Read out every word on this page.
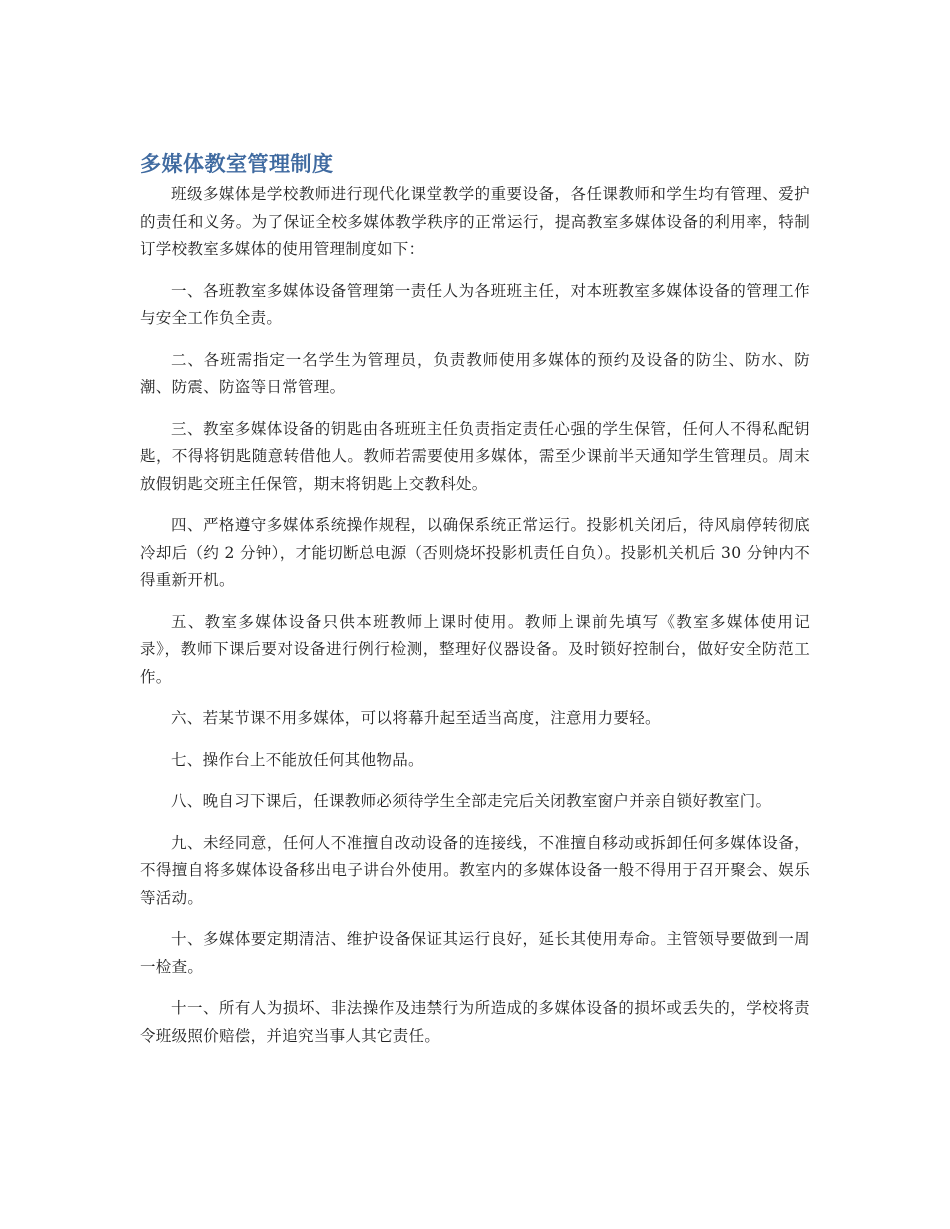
多媒体教室管理制度

班级多媒体是学校教师进行现代化课堂教学的重要设备，各任课教师和学生均有管理、爱护的责任和义务。为了保证全校多媒体教学秩序的正常运行，提高教室多媒体设备的利用率，特制订学校教室多媒体的使用管理制度如下：

一、各班教室多媒体设备管理第一责任人为各班班主任，对本班教室多媒体设备的管理工作与安全工作负全责。

二、各班需指定一名学生为管理员，负责教师使用多媒体的预约及设备的防尘、防水、防潮、防震、防盗等日常管理。

三、教室多媒体设备的钥匙由各班班主任负责指定责任心强的学生保管，任何人不得私配钥匙，不得将钥匙随意转借他人。教师若需要使用多媒体，需至少课前半天通知学生管理员。周末放假钥匙交班主任保管，期末将钥匙上交教科处。

四、严格遵守多媒体系统操作规程，以确保系统正常运行。投影机关闭后，待风扇停转彻底冷却后（约 2 分钟），才能切断总电源（否则烧坏投影机责任自负）。投影机关机后 30 分钟内不得重新开机。

五、教室多媒体设备只供本班教师上课时使用。教师上课前先填写《教室多媒体使用记录》，教师下课后要对设备进行例行检测，整理好仪器设备。及时锁好控制台，做好安全防范工作。

六、若某节课不用多媒体，可以将幕升起至适当高度，注意用力要轻。

七、操作台上不能放任何其他物品。

八、晚自习下课后，任课教师必须待学生全部走完后关闭教室窗户并亲自锁好教室门。

九、未经同意，任何人不准擅自改动设备的连接线，不准擅自移动或拆卸任何多媒体设备，不得擅自将多媒体设备移出电子讲台外使用。教室内的多媒体设备一般不得用于召开聚会、娱乐等活动。

十、多媒体要定期清洁、维护设备保证其运行良好，延长其使用寿命。主管领导要做到一周一检查。

十一、所有人为损坏、非法操作及违禁行为所造成的多媒体设备的损坏或丢失的，学校将责令班级照价赔偿，并追究当事人其它责任。
